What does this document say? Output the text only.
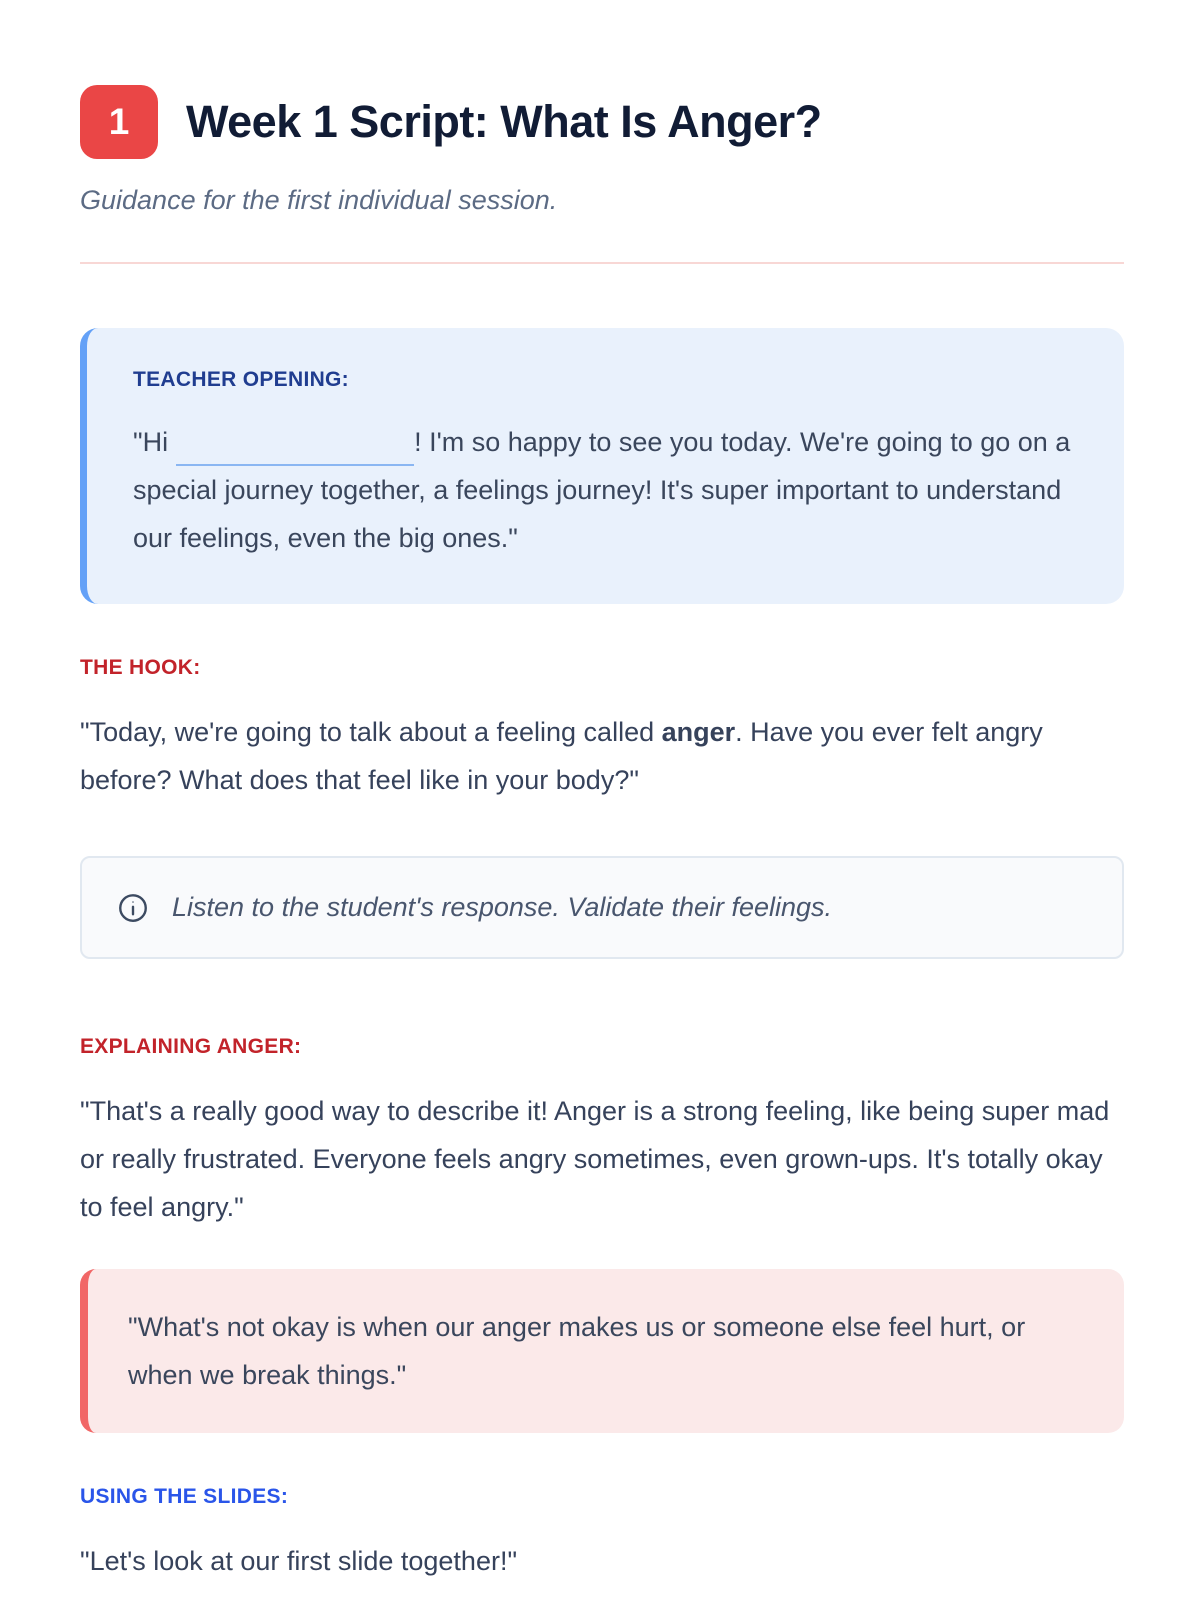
1	Week 1 Script: What Is Anger?
Guidance for the first individual session.
TEACHER OPENING:

"Hi	! I'm so happy to see you today. We're going to go on a special journey together, a feelings journey! It's super important to understand our feelings, even the big ones."

THE HOOK:

"Today, we're going to talk about a feeling called anger. Have you ever felt angry before? What does that feel like in your body?"

Listen to the student's response. Validate their feelings.
EXPLAINING ANGER:

"That's a really good way to describe it! Anger is a strong feeling, like being super mad or really frustrated. Everyone feels angry sometimes, even grown-ups. It's totally okay to feel angry."

"What's not okay is when our anger makes us or someone else feel hurt, or when we break things."

USING THE SLIDES:

"Let's look at our first slide together!"
